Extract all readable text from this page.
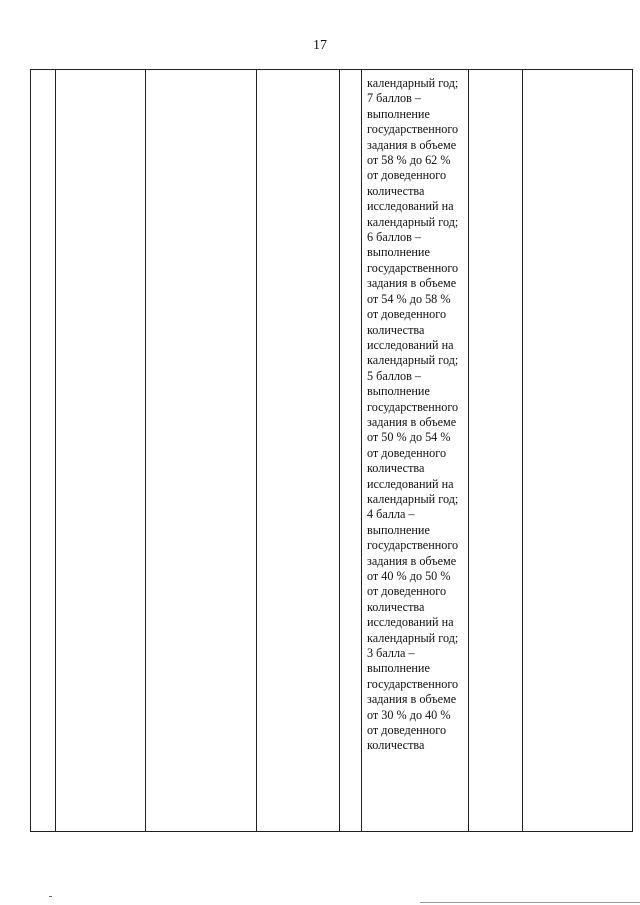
17

календарный год;
7 баллов –
выполнение
государственного
задания в объеме
от 58 % до 62 %
от доведенного
количества
исследований на
календарный год;
6 баллов –
выполнение
государственного
задания в объеме
от 54 % до 58 %
от доведенного
количества
исследований на
календарный год;
5 баллов –
выполнение
государственного
задания в объеме
от 50 % до 54 %
от доведенного
количества
исследований на
календарный год;
4 балла –
выполнение
государственного
задания в объеме
от 40 % до 50 %
от доведенного
количества
исследований на
календарный год;
3 балла –
выполнение
государственного
задания в объеме
от 30 % до 40 %
от доведенного
количества
